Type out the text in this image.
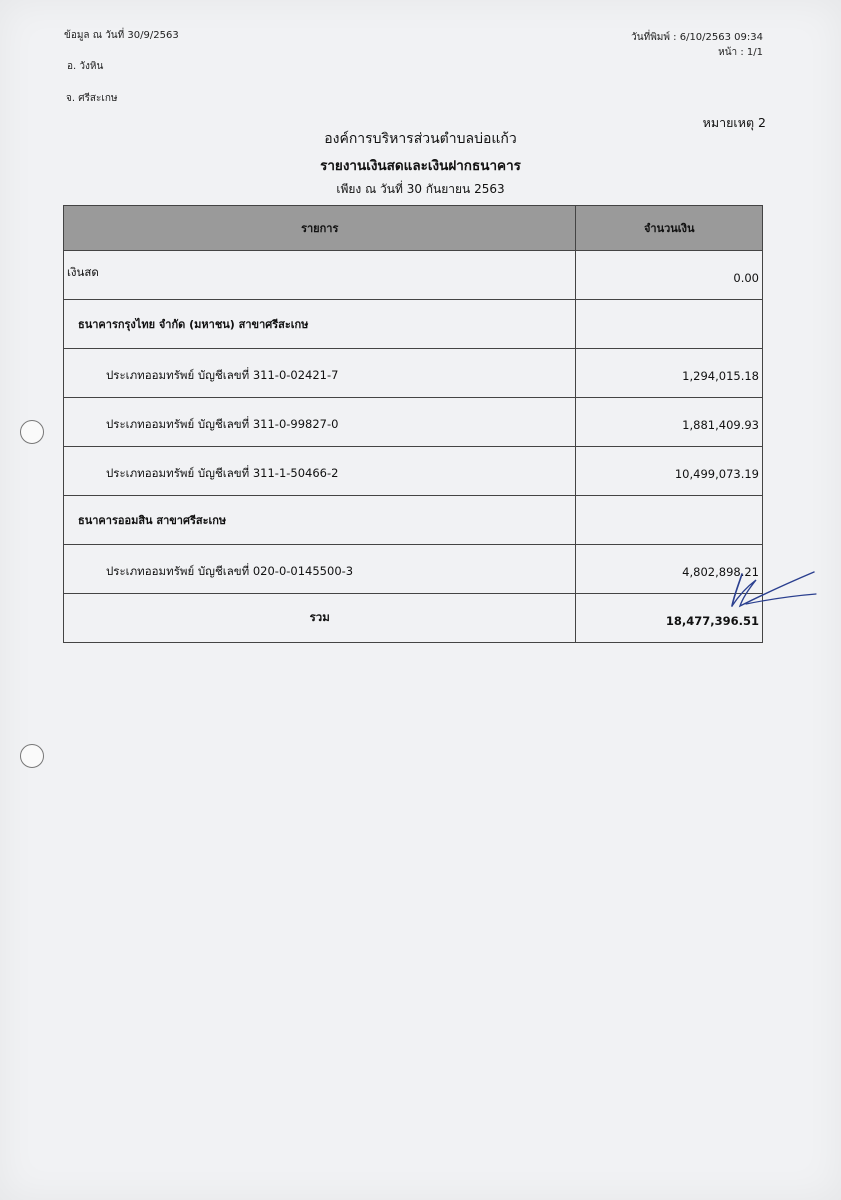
ข้อมูล ณ วันที่ 30/9/2563
อ. วังหิน
จ. ศรีสะเกษ
วันที่พิมพ์ : 6/10/2563 09:34
หน้า : 1/1
หมายเหตุ 2
องค์การบริหารส่วนตำบลบ่อแก้ว
รายงานเงินสดและเงินฝากธนาคาร
เพียง ณ วันที่ 30 กันยายน 2563
รายการ	จำนวนเงิน
เงินสด	0.00
ธนาคารกรุงไทย จำกัด (มหาชน) สาขาศรีสะเกษ	
ประเภทออมทรัพย์ บัญชีเลขที่ 311-0-02421-7	1,294,015.18
ประเภทออมทรัพย์ บัญชีเลขที่ 311-0-99827-0	1,881,409.93
ประเภทออมทรัพย์ บัญชีเลขที่ 311-1-50466-2	10,499,073.19
ธนาคารออมสิน สาขาศรีสะเกษ	
ประเภทออมทรัพย์ บัญชีเลขที่ 020-0-0145500-3	4,802,898.21
รวม	18,477,396.51
